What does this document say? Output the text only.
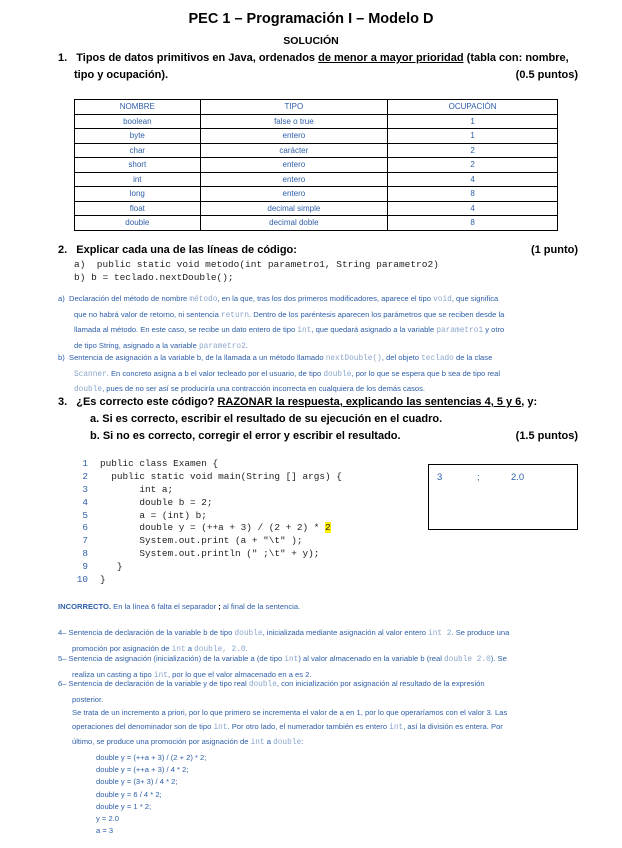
PEC 1 – Programación I – Modelo D
SOLUCIÓN
1. Tipos de datos primitivos en Java, ordenados de menor a mayor prioridad (tabla con: nombre,
tipo y ocupación).	(0.5 puntos)
NOMBRE	TIPO	OCUPACIÓN
boolean	false o true	1
byte	entero	1
char	carácter	2
short	entero	2
int	entero	4
long	entero	8
float	decimal simple	4
double	decimal doble	8
2. Explicar cada una de las líneas de código:	(1 punto)
a)  public static void metodo(int parametro1, String parametro2)
b) b = teclado.nextDouble();
a) Declaración del método de nombre método, en la que, tras los dos primeros modificadores, aparece el tipo void, que significa
que no habrá valor de retorno, ni sentencia return. Dentro de los paréntesis aparecen los parámetros que se reciben desde la
llamada al método. En este caso, se recibe un dato entero de tipo int, que quedará asignado a la variable parametro1 y otro
de tipo String, asignado a la variable parametro2.
b) Sentencia de asignación a la variable b, de la llamada a un método llamado nextDouble(), del objeto teclado de la clase
Scanner. En concreto asigna a b el valor tecleado por el usuario, de tipo double, por lo que se espera que b sea de tipo real
double, pues de no ser así se produciría una contracción incorrecta en cualquiera de los demás casos.
3. ¿Es correcto este código? RAZONAR la respuesta, explicando las sentencias 4, 5 y 6, y:
a. Si es correcto, escribir el resultado de su ejecución en el cuadro.
b. Si no es correcto, corregir el error y escribir el resultado.	(1.5 puntos)
1 public class Examen {
2  public static void main(String [] args) {
3       int a;
4       double b = 2;
5       a = (int) b;
6       double y = (++a + 3) / (2 + 2) * 2
7       System.out.print (a + "\t" );
8       System.out.println (" ;\t" + y);
9   }
10 }
3	;	2.0
INCORRECTO. En la línea 6 falta el separador ; al final de la sentencia.
4– Sentencia de declaración de la variable b de tipo double, inicializada mediante asignación al valor entero int 2. Se produce una
promoción por asignación de int a double, 2.0.
5– Sentencia de asignación (inicialización) de la variable a (de tipo int) al valor almacenado en la variable b (real double 2.0). Se
realiza un casting a tipo int, por lo que el valor almacenado en a es 2.
6– Sentencia de declaración de la variable y de tipo real double, con inicialización por asignación al resultado de la expresión
posterior.
Se trata de un incremento a priori, por lo que primero se incrementa el valor de a en 1, por lo que operaríamos con el valor 3. Las
operaciones del denominador son de tipo int. Por otro lado, el numerador también es entero int, así la división es entera. Por
último, se produce una promoción por asignación de int a double:
double y = (++a + 3) / (2 + 2) * 2;
double y = (++a + 3) / 4 * 2;
double y = (3+ 3) / 4 * 2;
double y = 6 / 4 * 2;
double y = 1 * 2;
y = 2.0
a = 3
